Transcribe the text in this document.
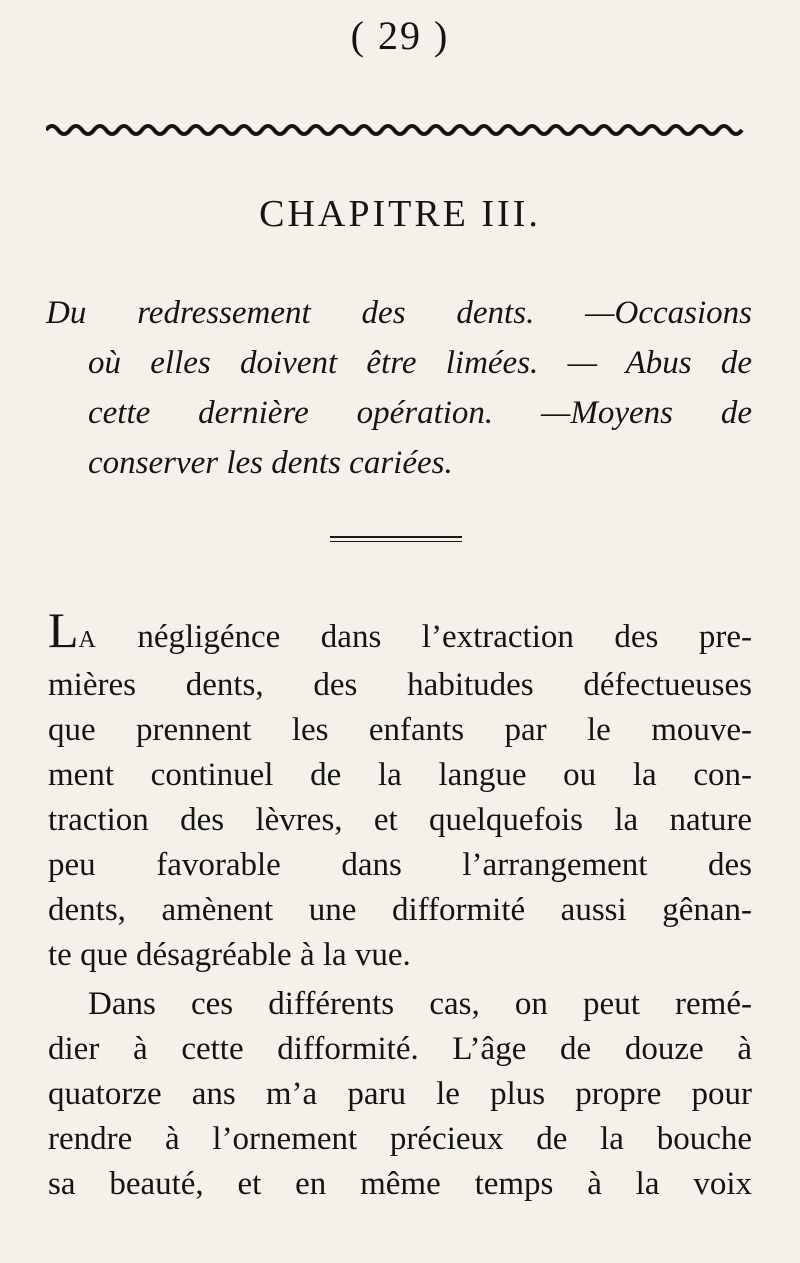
( 29 )
CHAPITRE III.
Du redressement des dents. —Occasions
où elles doivent être limées. — Abus de
cette dernière opération. —Moyens de
conserver les dents cariées.
LA négligénce dans l’extraction des pre-
mières dents, des habitudes défectueuses
que prennent les enfants par le mouve-
ment continuel de la langue ou la con-
traction des lèvres, et quelquefois la nature
peu favorable dans l’arrangement des
dents, amènent une difformité aussi gênan-
te que désagréable à la vue.
Dans ces différents cas, on peut remé-
dier à cette difformité. L’âge de douze à
quatorze ans m’a paru le plus propre pour
rendre à l’ornement précieux de la bouche
sa beauté, et en même temps à la voix
